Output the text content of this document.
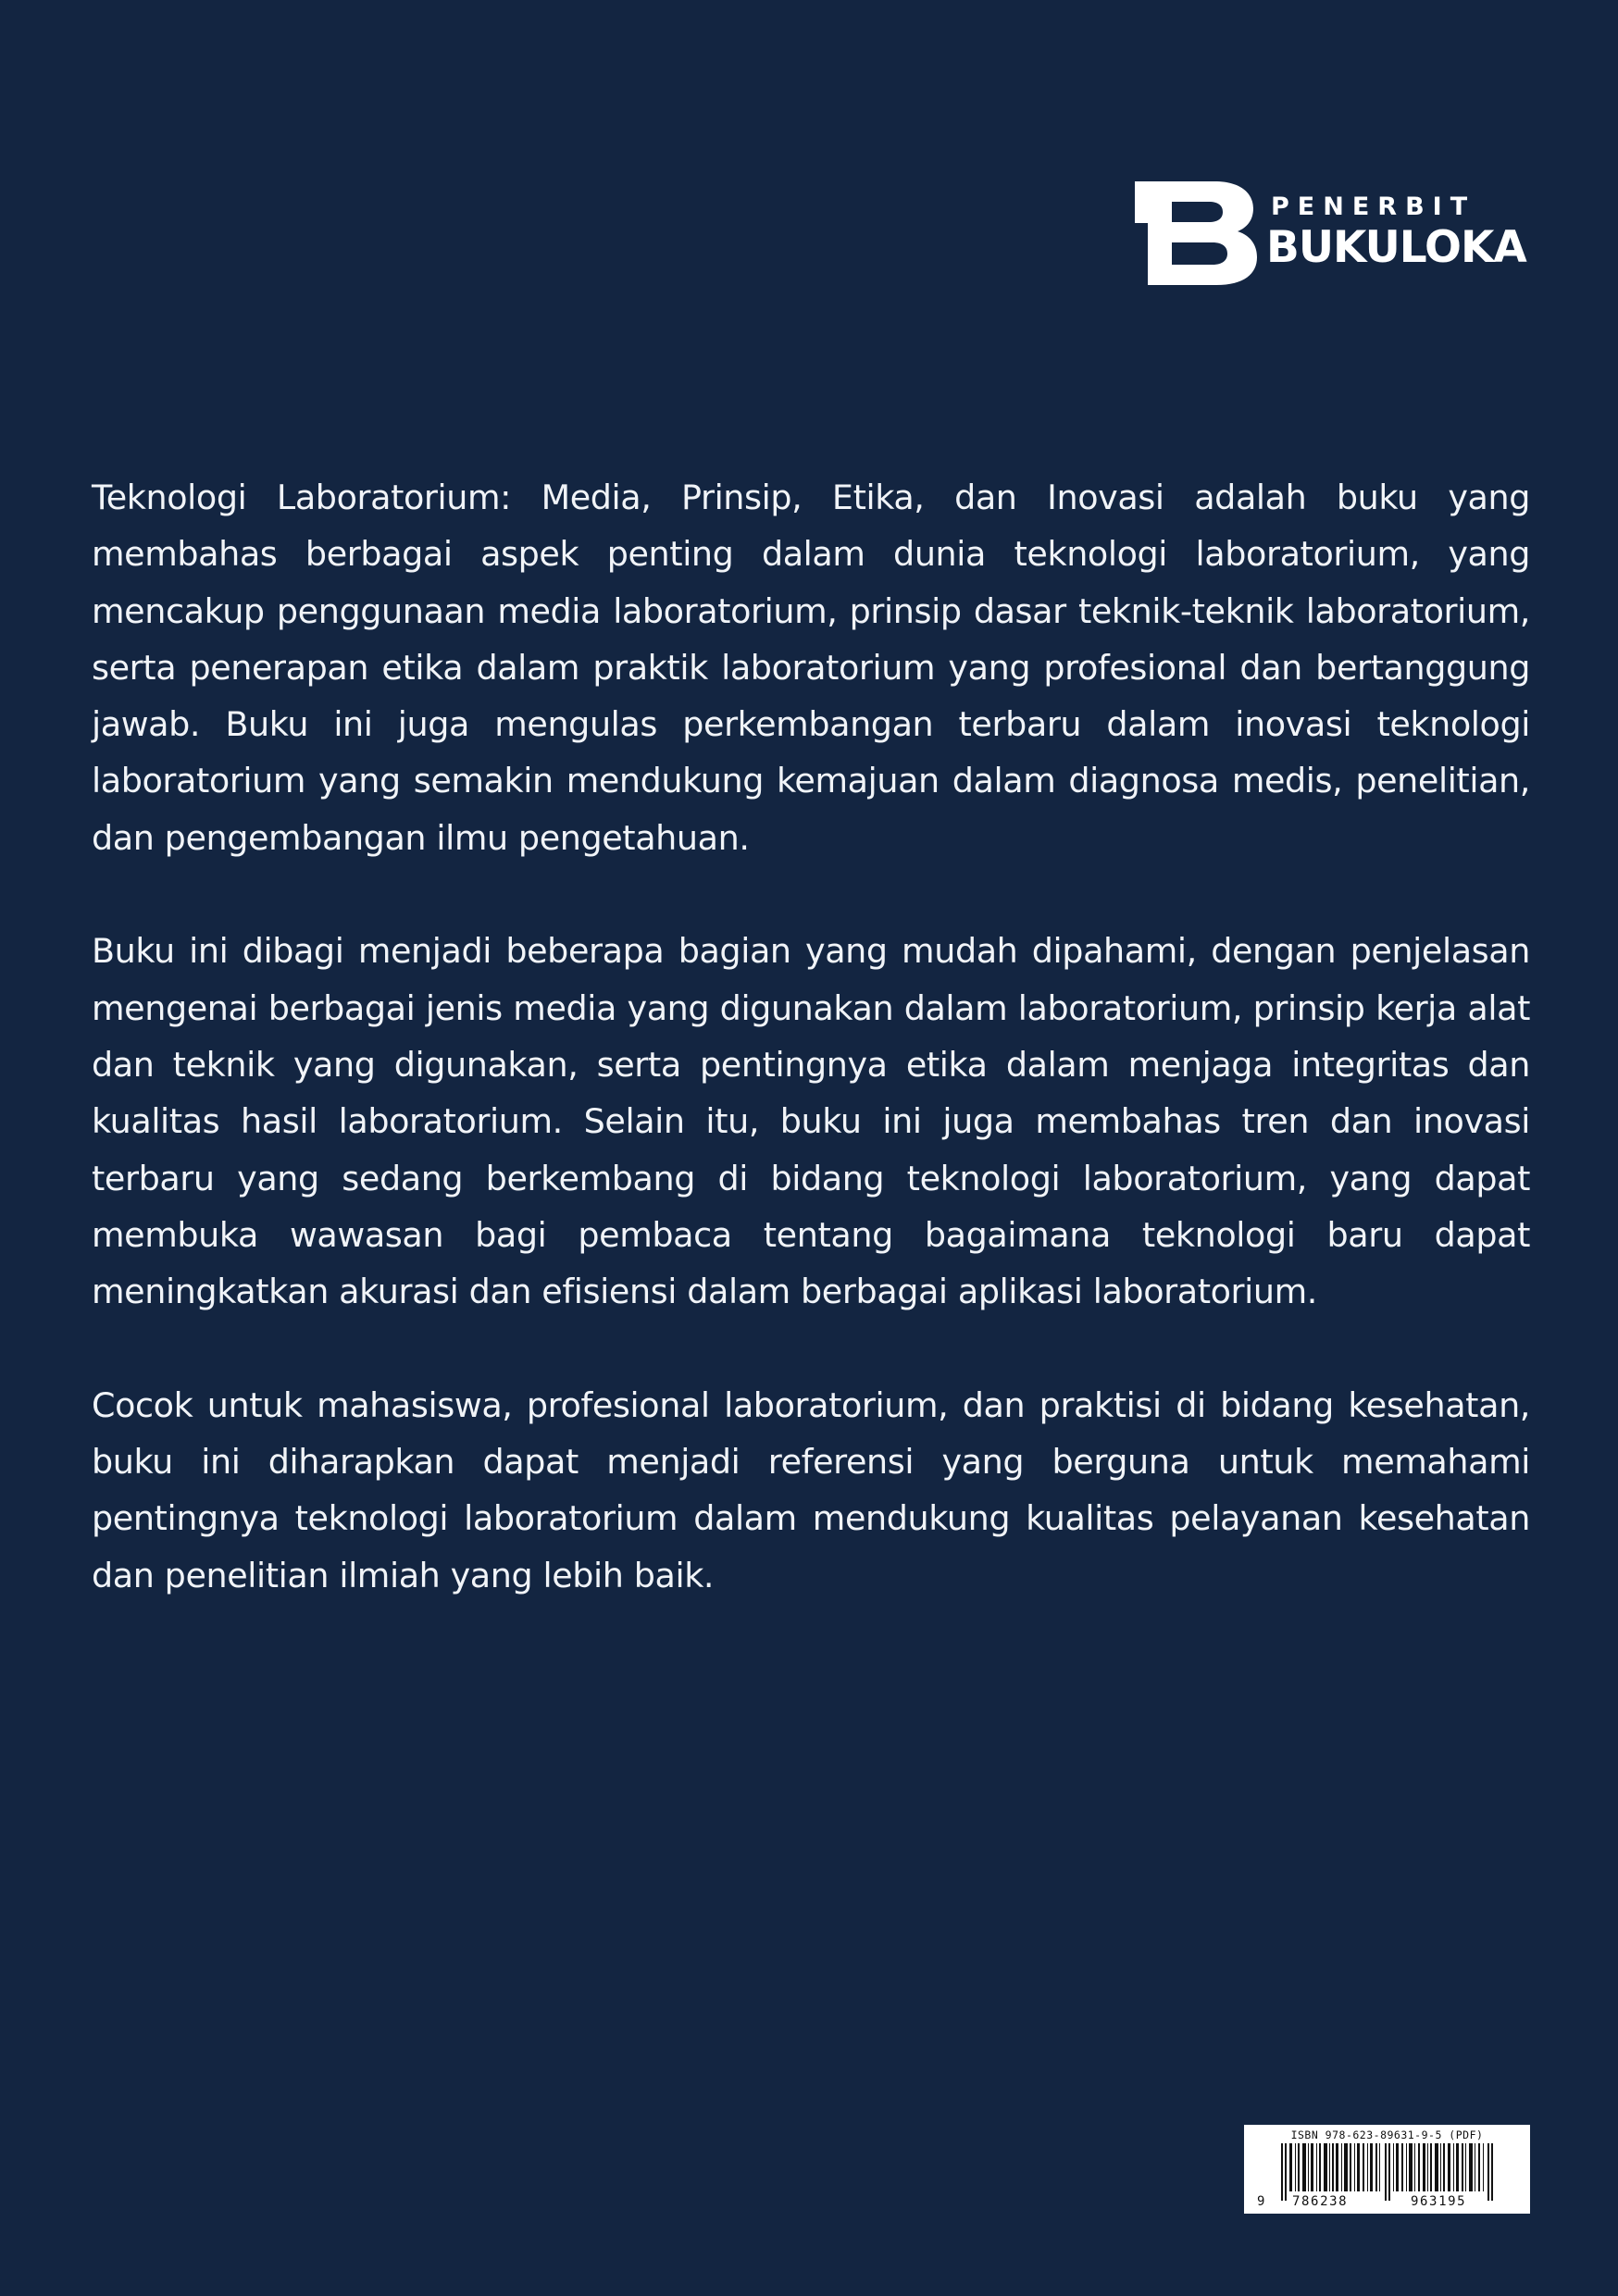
PENERBIT
BUKULOKA

Teknologi Laboratorium: Media, Prinsip, Etika, dan Inovasi adalah buku yang membahas berbagai aspek penting dalam dunia teknologi laboratorium, yang mencakup penggunaan media laboratorium, prinsip dasar teknik-teknik laboratorium, serta penerapan etika dalam praktik laboratorium yang profesional dan bertanggung jawab. Buku ini juga mengulas perkembangan terbaru dalam inovasi teknologi laboratorium yang semakin mendukung kemajuan dalam diagnosa medis, penelitian, dan pengembangan ilmu pengetahuan.

Buku ini dibagi menjadi beberapa bagian yang mudah dipahami, dengan penjelasan mengenai berbagai jenis media yang digunakan dalam laboratorium, prinsip kerja alat dan teknik yang digunakan, serta pentingnya etika dalam menjaga integritas dan kualitas hasil laboratorium. Selain itu, buku ini juga membahas tren dan inovasi terbaru yang sedang berkembang di bidang teknologi laboratorium, yang dapat membuka wawasan bagi pembaca tentang bagaimana teknologi baru dapat meningkatkan akurasi dan efisiensi dalam berbagai aplikasi laboratorium.

Cocok untuk mahasiswa, profesional laboratorium, dan praktisi di bidang kesehatan, buku ini diharapkan dapat menjadi referensi yang berguna untuk memahami pentingnya teknologi laboratorium dalam mendukung kualitas pelayanan kesehatan dan penelitian ilmiah yang lebih baik.

ISBN 978-623-89631-9-5 (PDF)
9 786238	963195
